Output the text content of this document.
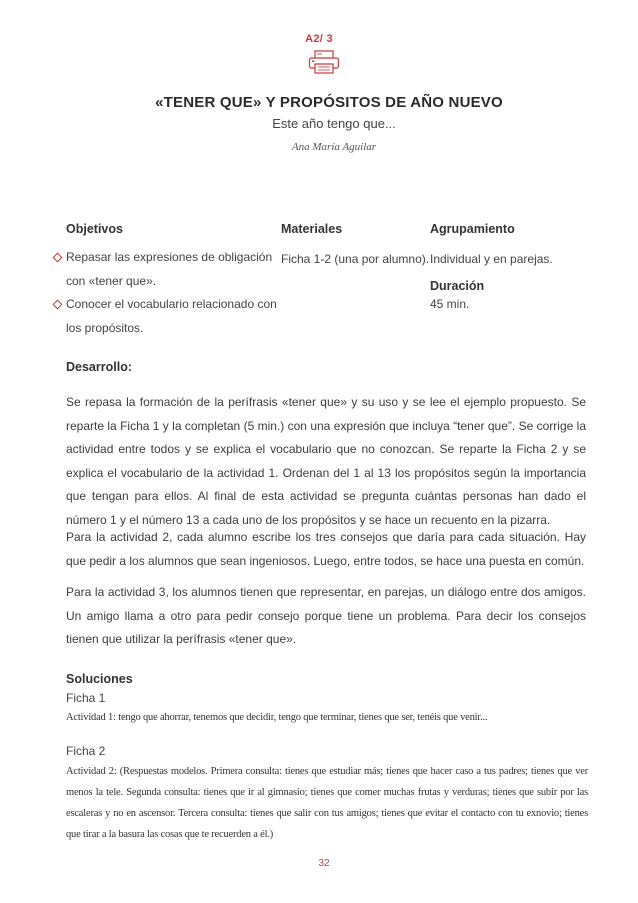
A2/ 3
«TENER QUE» Y PROPÓSITOS DE AÑO NUEVO
Este año tengo que...
Ana María Aguilar
Objetivos
Repasar las expresiones de obligación con «tener que».
Conocer el vocabulario relacionado con los propósitos.
Materiales
Ficha 1-2 (una por alumno).
Agrupamiento
Individual y en parejas.
Duración
45 min.
Desarrollo:

Se repasa la formación de la perífrasis «tener que» y su uso y se lee el ejemplo propuesto. Se reparte la Ficha 1 y la completan (5 min.) con una expresión que incluya “tener que”. Se corrige la actividad entre todos y se explica el vocabulario que no conozcan. Se reparte la Ficha 2 y se explica el vocabulario de la actividad 1. Ordenan del 1 al 13 los propósitos según la importancia que tengan para ellos. Al final de esta actividad se pregunta cuántas personas han dado el número 1 y el número 13 a cada uno de los propósitos y se hace un recuento en la pizarra.

Para la actividad 2, cada alumno escribe los tres consejos que daría para cada situación. Hay que pedir a los alumnos que sean ingeniosos. Luego, entre todos, se hace una puesta en común.

Para la actividad 3, los alumnos tienen que representar, en parejas, un diálogo entre dos amigos. Un amigo llama a otro para pedir consejo porque tiene un problema. Para decir los consejos tienen que utilizar la perífrasis «tener que».

Soluciones
Ficha 1

Actividad 1: tengo que ahorrar, tenemos que decidir, tengo que terminar, tienes que ser, tenéis que venir...

Ficha 2

Actividad 2: (Respuestas modelos. Primera consulta: tienes que estudiar más; tienes que hacer caso a tus padres; tienes que ver menos la tele. Segunda consulta: tienes que ir al gimnasio; tienes que comer muchas frutas y verduras; tienes que subir por las escaleras y no en ascensor. Tercera consulta: tienes que salir con tus amigos; tienes que evitar el contacto con tu exnovio; tienes que tirar a la basura las cosas que te recuerden a él.)

32
